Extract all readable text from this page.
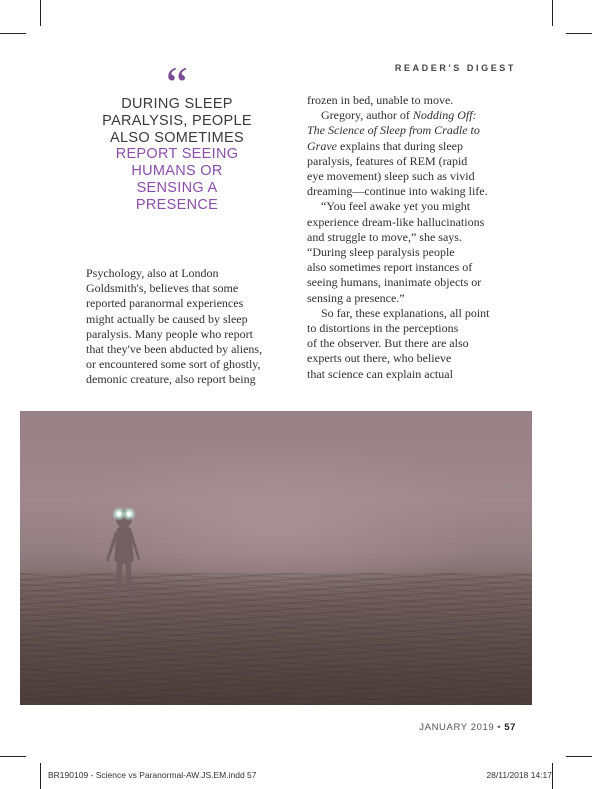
READER'S DIGEST
“
DURING SLEEP PARALYSIS, PEOPLE ALSO SOMETIMES REPORT SEEING HUMANS OR SENSING A PRESENCE

Psychology, also at London
Goldsmith's, believes that some
reported paranormal experiences
might actually be caused by sleep
paralysis. Many people who report
that they've been abducted by aliens,
or encountered some sort of ghostly,
demonic creature, also report being

frozen in bed, unable to move.

Gregory, author of Nodding Off:
The Science of Sleep from Cradle to
Grave explains that during sleep
paralysis, features of REM (rapid
eye movement) sleep such as vivid
dreaming—continue into waking life.

“You feel awake yet you might
experience dream-like hallucinations
and struggle to move,” she says.
“During sleep paralysis people
also sometimes report instances of
seeing humans, inanimate objects or
sensing a presence.”

So far, these explanations, all point
to distortions in the perceptions
of the observer. But there are also
experts out there, who believe
that science can explain actual

JANUARY 2019 • 57
BR190109 - Science vs Paranormal-AW.JS.EM.indd 57	28/11/2018 14:17
